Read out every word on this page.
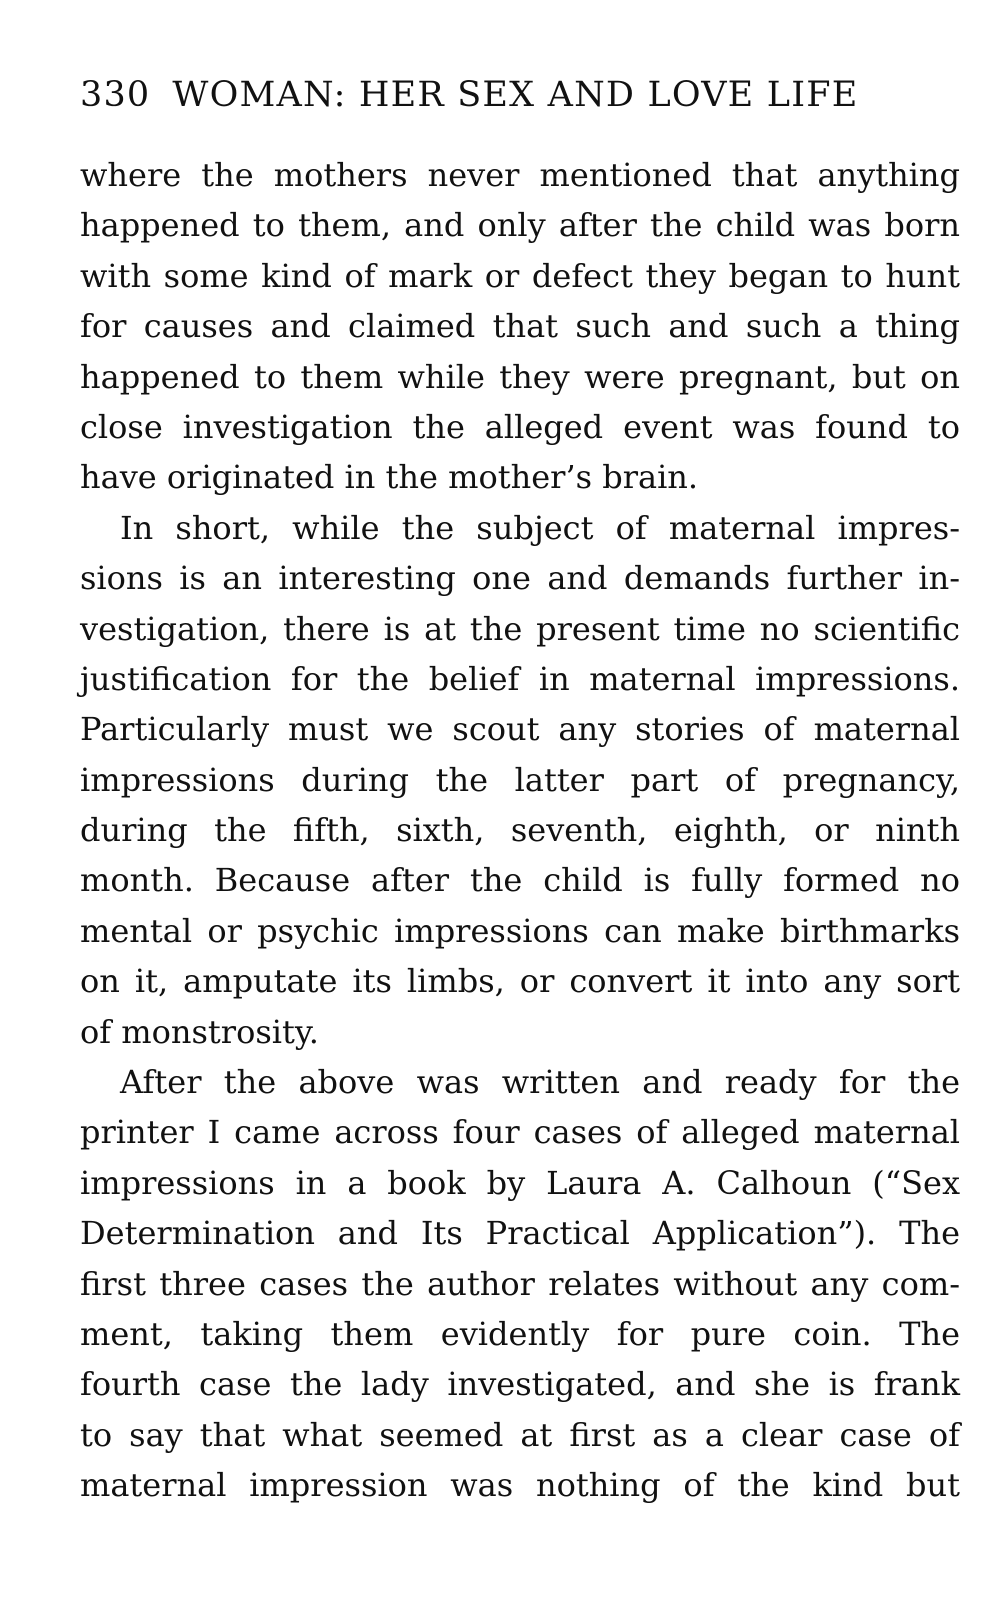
330 WOMAN: HER SEX AND LOVE LIFE
where the mothers never mentioned that anything
happened to them, and only after the child was born
with some kind of mark or defect they began to hunt
for causes and claimed that such and such a thing
happened to them while they were pregnant, but on
close investigation the alleged event was found to
have originated in the mother’s brain.
In short, while the subject of maternal impres-
sions is an interesting one and demands further in-
vestigation, there is at the present time no scientific
justification for the belief in maternal impressions.
Particularly must we scout any stories of maternal
impressions during the latter part of pregnancy,
during the fifth, sixth, seventh, eighth, or ninth
month. Because after the child is fully formed no
mental or psychic impressions can make birthmarks
on it, amputate its limbs, or convert it into any sort
of monstrosity.
After the above was written and ready for the
printer I came across four cases of alleged maternal
impressions in a book by Laura A. Calhoun (“Sex
Determination and Its Practical Application”). The
first three cases the author relates without any com-
ment, taking them evidently for pure coin. The
fourth case the lady investigated, and she is frank
to say that what seemed at first as a clear case of
maternal impression was nothing of the kind but
